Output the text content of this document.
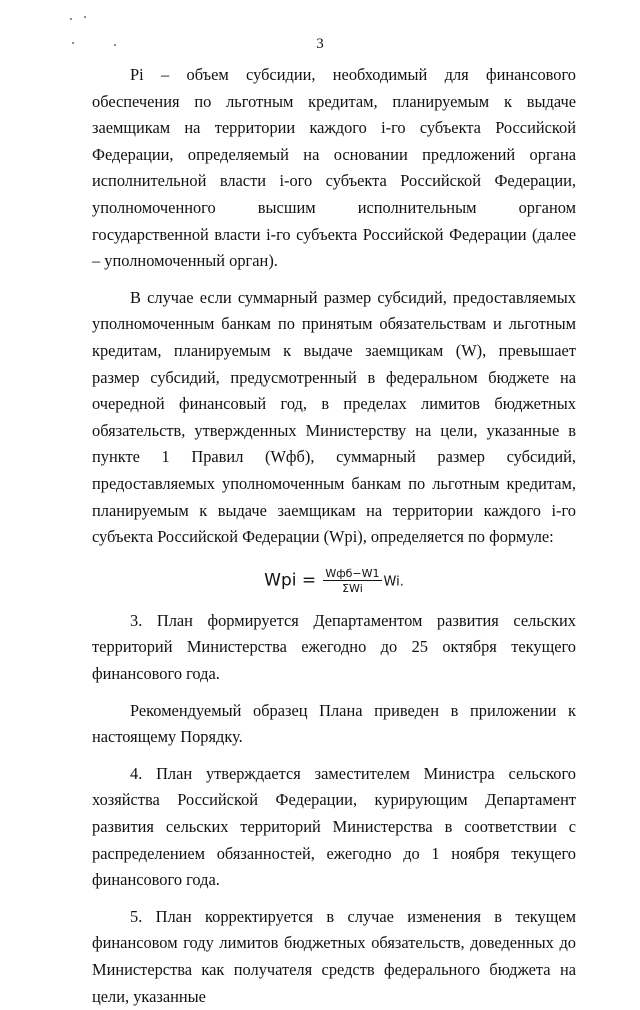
3

Pi – объем субсидии, необходимый для финансового обеспечения по льготным кредитам, планируемым к выдаче заемщикам на территории каждого i-го субъекта Российской Федерации, определяемый на основании предложений органа исполнительной власти i-ого субъекта Российской Федерации, уполномоченного высшим исполнительным органом государственной власти i-го субъекта Российской Федерации (далее – уполномоченный орган).

В случае если суммарный размер субсидий, предоставляемых уполномоченным банкам по принятым обязательствам и льготным кредитам, планируемым к выдаче заемщикам (W), превышает размер субсидий, предусмотренный в федеральном бюджете на очередной финансовый год, в пределах лимитов бюджетных обязательств, утвержденных Министерству на цели, указанные в пункте 1 Правил (Wфб), суммарный размер субсидий, предоставляемых уполномоченным банкам по льготным кредитам, планируемым к выдаче заемщикам на территории каждого i-го субъекта Российской Федерации (Wpi), определяется по формуле:

Wpi = $\frac{\text{Wфб−W1}}{\text{ΣWi}} Wi$.

3. План формируется Департаментом развития сельских территорий Министерства ежегодно до 25 октября текущего финансового года.

Рекомендуемый образец Плана приведен в приложении к настоящему Порядку.

4. План утверждается заместителем Министра сельского хозяйства Российской Федерации, курирующим Департамент развития сельских территорий Министерства в соответствии с распределением обязанностей, ежегодно до 1 ноября текущего финансового года.

5. План корректируется в случае изменения в текущем финансовом году лимитов бюджетных обязательств, доведенных до Министерства как получателя средств федерального бюджета на цели, указанные
